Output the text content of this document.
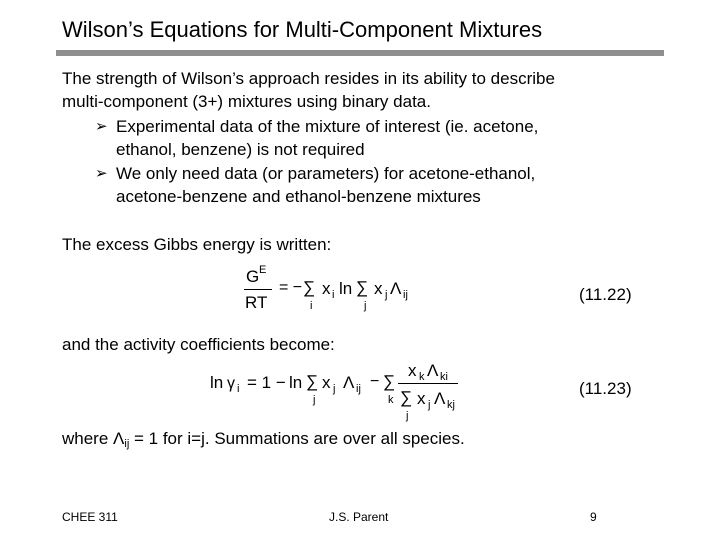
Wilson’s Equations for Multi-Component Mixtures
The strength of Wilson’s approach resides in its ability to describe
multi-component (3+) mixtures using binary data.
➢ Experimental data of the mixture of interest (ie. acetone,
ethanol, benzene) is not required
➢ We only need data (or parameters) for acetone-ethanol,
acetone-benzene and ethanol-benzene mixtures
The excess Gibbs energy is written:
G E
RT
= − ∑
i
x i ln ∑
j
x j Λ ij	(11.22)
and the activity coefficients become:
ln γ i = 1 − ln ∑
j
x j Λ ij − ∑
k
x k Λ ki
∑
j
x j Λ kj
(11.23)
where Λij = 1 for i=j. Summations are over all species.
CHEE 311	J.S. Parent	9
